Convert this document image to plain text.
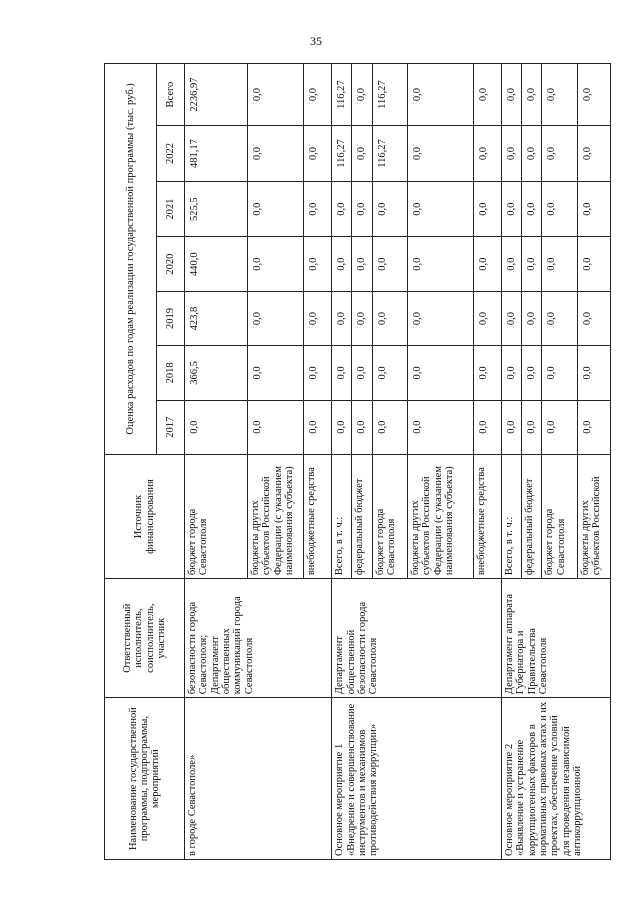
35
Наименование государственной программы, подпрограммы, мероприятий	Ответственный исполнитель, соисполнитель, участник	Источник финансирования	Оценка расходов по годам реализации государственной программы (тыс. руб.)						
			2017	2018	2019	2020	2021	2022	Всего
в городе Севастополе»	безопасности города Севастополя; Департамент общественных коммуникаций города Севастополя	бюджет города Севастополя	0,0	366,5	423,8	440,0	525,5	481,17	2236,97
		бюджеты других субъектов Российской Федерации (с указанием наименования субъекта)	0,0	0,0	0,0	0,0	0,0	0,0	0,0
		внебюджетные средства	0,0	0,0	0,0	0,0	0,0	0,0	0,0
Основное мероприятие 1 «Внедрение и совершенствование инструментов и механизмов противодействия коррупции»	Департамент общественной безопасности города Севастополя	Всего, в т. ч.:	0,0	0,0	0,0	0,0	0,0	116,27	116,27
		федеральный бюджет	0,0	0,0	0,0	0,0	0,0	0,0	0,0
		бюджет города Севастополя	0,0	0,0	0,0	0,0	0,0	116,27	116,27
		бюджеты других субъектов Российской Федерации (с указанием наименования субъекта)	0,0	0,0	0,0	0,0	0,0	0,0	0,0
		внебюджетные средства	0,0	0,0	0,0	0,0	0,0	0,0	0,0
Основное мероприятие 2 «Выявление и устранение коррупциогенных факторов в нормативных правовых актах и их проектах, обеспечение условий для проведения независимой антикоррупционной	Департамент аппарата Губернатора и Правительства Севастополя	Всего, в т. ч.:	0,0	0,0	0,0	0,0	0,0	0,0	0,0
		федеральный бюджет	0,0	0,0	0,0	0,0	0,0	0,0	0,0
		бюджет города Севастополя	0,0	0,0	0,0	0,0	0,0	0,0	0,0
		бюджеты других субъектов Российской	0,0	0,0	0,0	0,0	0,0	0,0	0,0
